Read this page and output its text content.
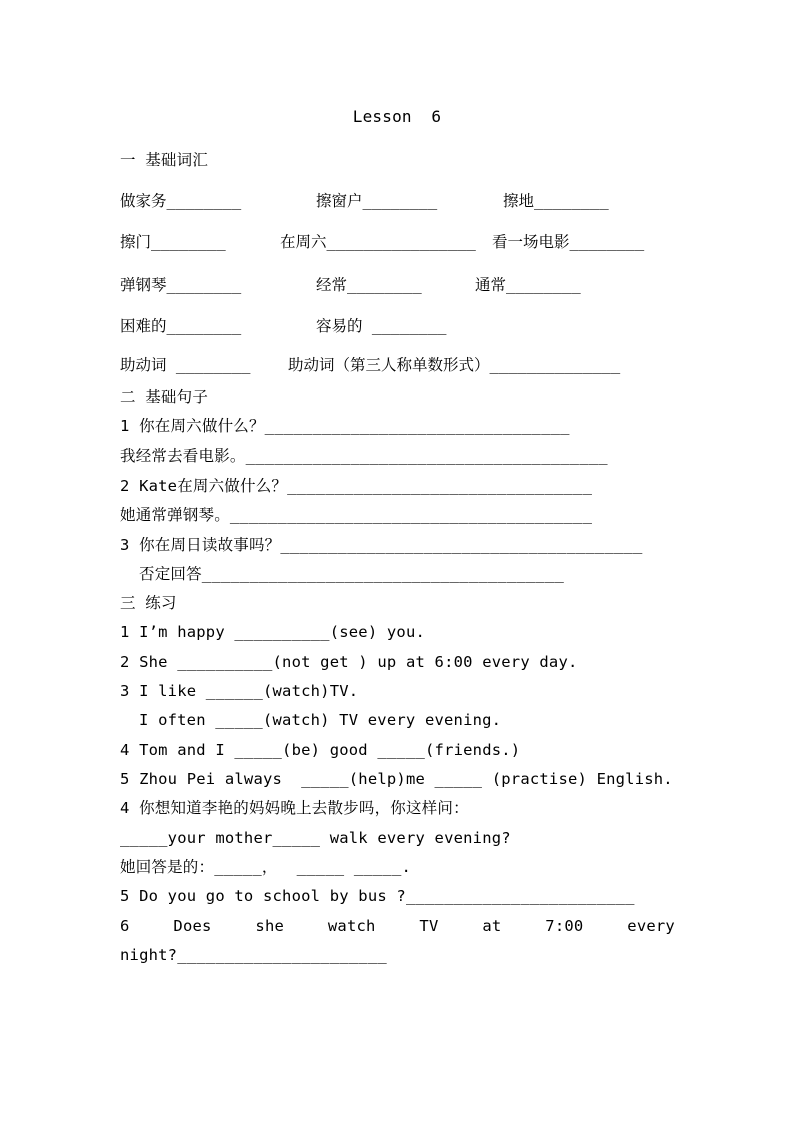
Lesson  6
一 基础词汇
做家务________	擦窗户________	擦地________
擦门________	在周六________________ 看一场电影________
弹钢琴________	经常________	通常________
困难的________	容易的 ________
助动词 ________ 助动词（第三人称单数形式）______________
二 基础句子
1 你在周六做什么？________________________________
我经常去看电影。______________________________________
2 Kate在周六做什么？________________________________
她通常弹钢琴。______________________________________
3 你在周日读故事吗？______________________________________
否定回答______________________________________
三 练习
1 I’m happy __________(see) you.
2 She __________(not get ) up at 6:00 every day.
3 I like ______(watch)TV.
I often _____(watch) TV every evening.
4 Tom and I _____(be) good _____(friends.)
5 Zhou Pei always  _____(help)me _____ (practise) English.
4 你想知道李艳的妈妈晚上去散步吗，你这样问：
_____your mother_____ walk every evening?
她回答是的：_____，  _____ _____.
5 Do you go to school by bus ?________________________
6	Does	she	watch	TV	at	7:00	every
night?______________________
